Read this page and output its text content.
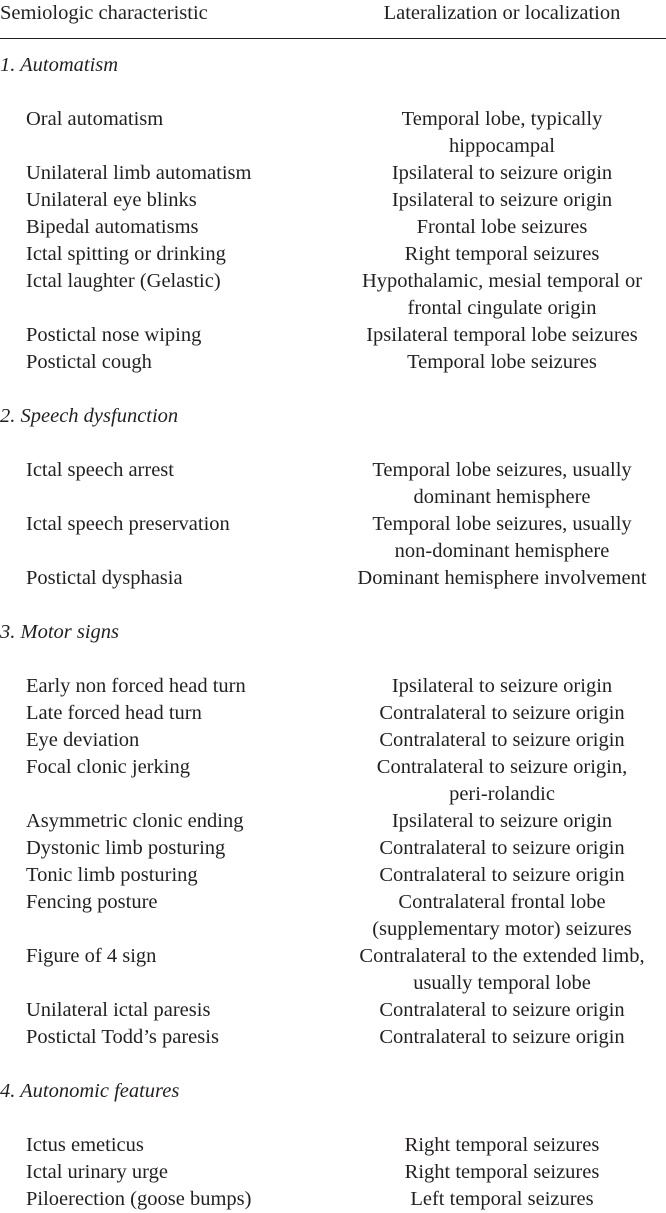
Semiologic characteristic	Lateralization or localization
1. Automatism
Oral automatism	Temporal lobe, typically
hippocampal
Unilateral limb automatism	Ipsilateral to seizure origin
Unilateral eye blinks	Ipsilateral to seizure origin
Bipedal automatisms	Frontal lobe seizures
Ictal spitting or drinking	Right temporal seizures
Ictal laughter (Gelastic)	Hypothalamic, mesial temporal or
frontal cingulate origin
Postictal nose wiping	Ipsilateral temporal lobe seizures
Postictal cough	Temporal lobe seizures
2. Speech dysfunction
Ictal speech arrest	Temporal lobe seizures, usually
dominant hemisphere
Ictal speech preservation	Temporal lobe seizures, usually
non-dominant hemisphere
Postictal dysphasia	Dominant hemisphere involvement
3. Motor signs
Early non forced head turn	Ipsilateral to seizure origin
Late forced head turn	Contralateral to seizure origin
Eye deviation	Contralateral to seizure origin
Focal clonic jerking	Contralateral to seizure origin,
peri-rolandic
Asymmetric clonic ending	Ipsilateral to seizure origin
Dystonic limb posturing	Contralateral to seizure origin
Tonic limb posturing	Contralateral to seizure origin
Fencing posture	Contralateral frontal lobe
(supplementary motor) seizures
Figure of 4 sign	Contralateral to the extended limb,
usually temporal lobe
Unilateral ictal paresis	Contralateral to seizure origin
Postictal Todd’s paresis	Contralateral to seizure origin
4. Autonomic features
Ictus emeticus	Right temporal seizures
Ictal urinary urge	Right temporal seizures
Piloerection (goose bumps)	Left temporal seizures
